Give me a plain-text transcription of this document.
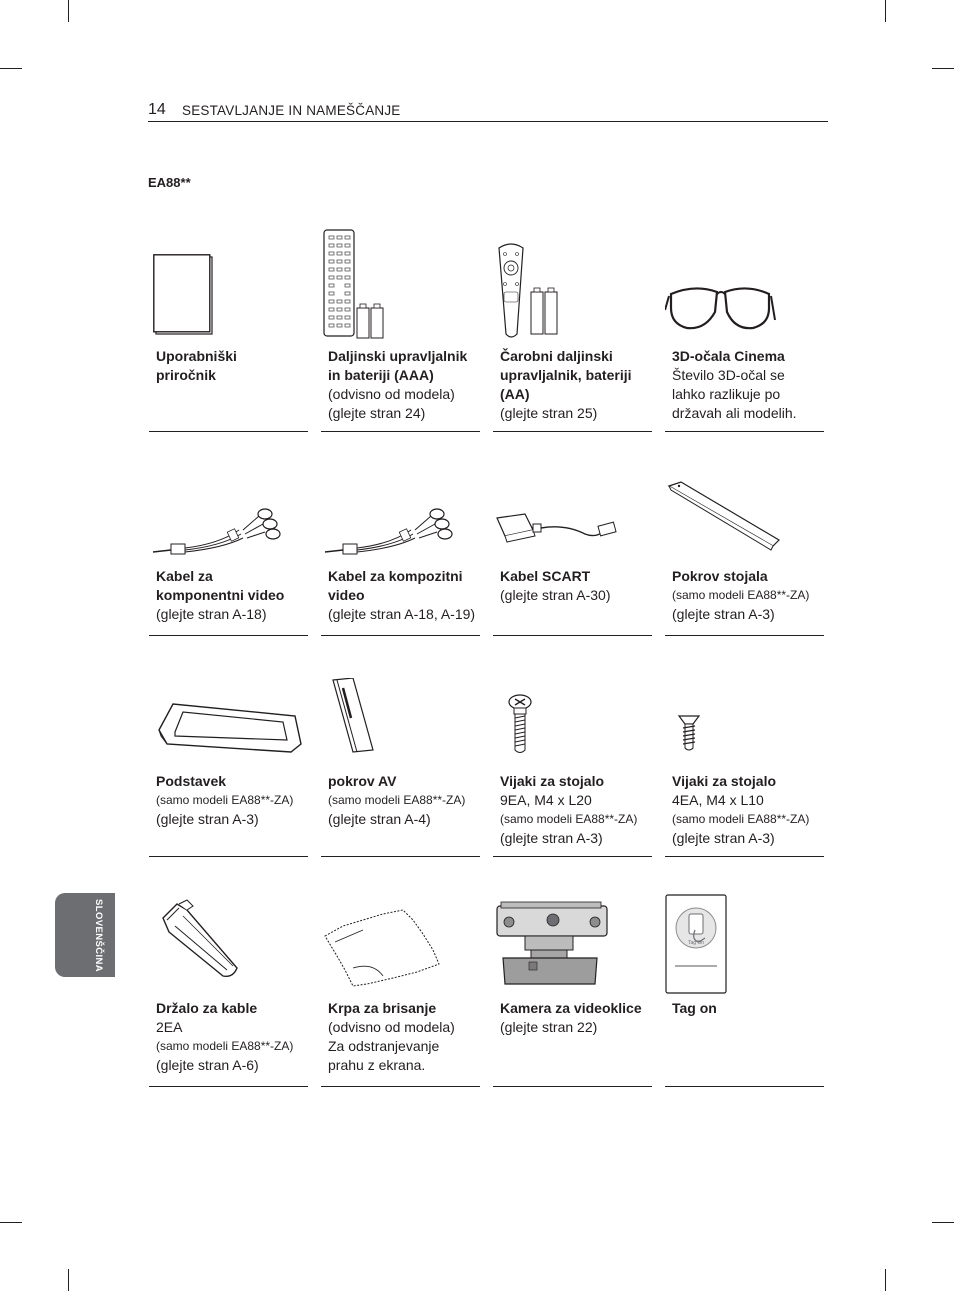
14 SESTAVLJANJE IN NAMEŠČANJE
EA88**
SLOVENŠČINA
Uporabniški
priročnik
Daljinski upravljalnik
in bateriji (AAA)
(odvisno od modela)
(glejte stran 24)
Čarobni daljinski
upravljalnik, bateriji
(AA)
(glejte stran 25)
3D-očala Cinema
Število 3D-očal se
lahko razlikuje po
državah ali modelih.
Kabel za
komponentni video
(glejte stran A-18)
Kabel za kompozitni
video
(glejte stran A-18, A-19)
Kabel SCART
(glejte stran A-30)
Pokrov stojala
(samo modeli EA88**-ZA)
(glejte stran A-3)
Podstavek
(samo modeli EA88**-ZA)
(glejte stran A-3)
pokrov AV
(samo modeli EA88**-ZA)
(glejte stran A-4)
Vijaki za stojalo
9EA, M4 x L20
(samo modeli EA88**-ZA)
(glejte stran A-3)
Vijaki za stojalo
4EA, M4 x L10
(samo modeli EA88**-ZA)
(glejte stran A-3)
Držalo za kable
2EA
(samo modeli EA88**-ZA)
(glejte stran A-6)
Krpa za brisanje
(odvisno od modela)
Za odstranjevanje
prahu z ekrana.
Kamera za videoklice
(glejte stran 22)
Tag On
Tag on
